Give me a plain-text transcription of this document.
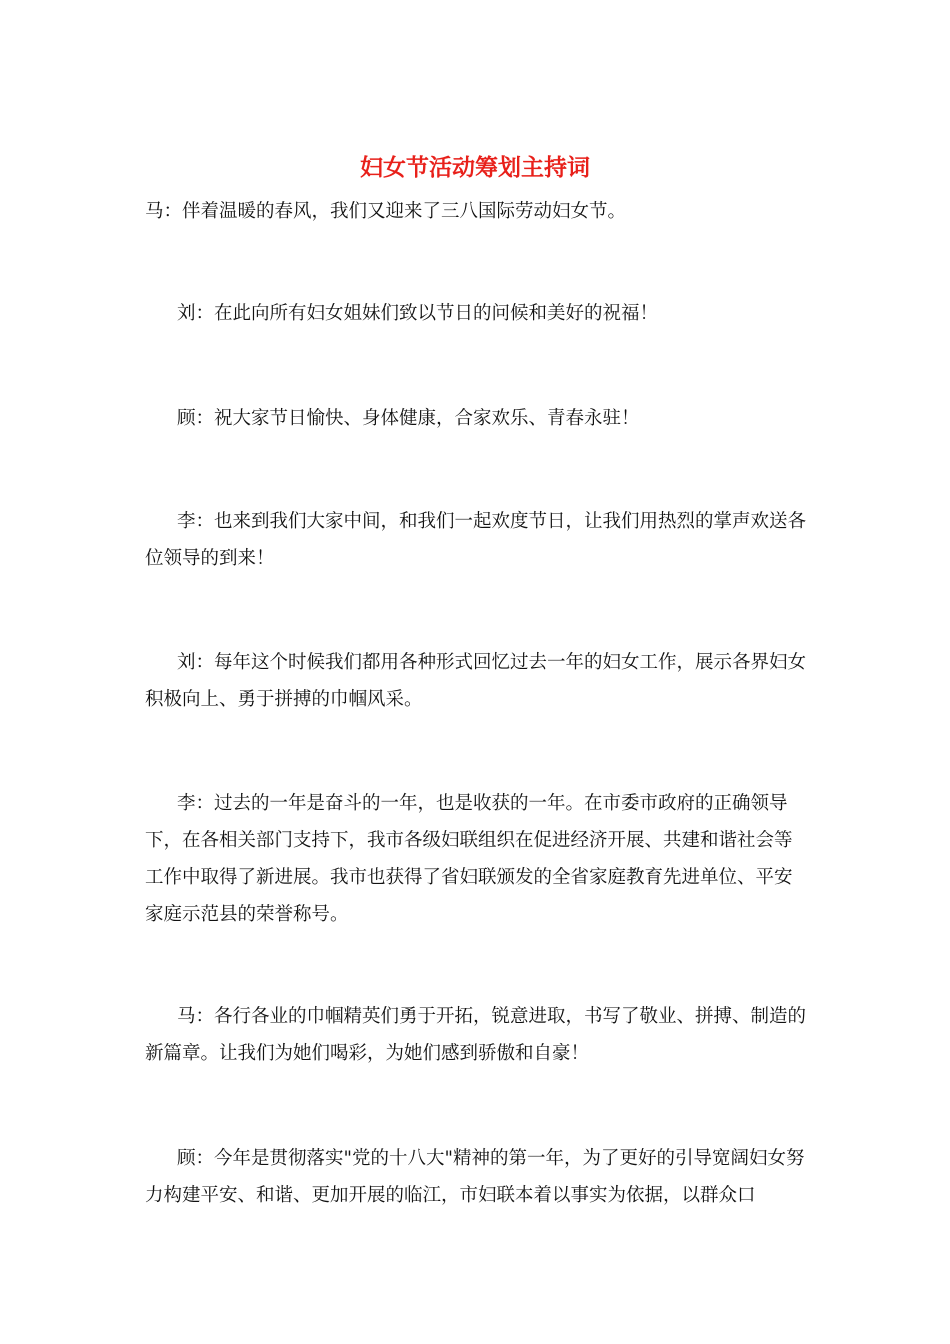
妇女节活动筹划主持词

马：伴着温暖的春风，我们又迎来了三八国际劳动妇女节。

刘：在此向所有妇女姐妹们致以节日的问候和美好的祝福！

顾：祝大家节日愉快、身体健康，合家欢乐、青春永驻！

李：也来到我们大家中间，和我们一起欢度节日，让我们用热烈的掌声欢送各位领导的到来！

刘：每年这个时候我们都用各种形式回忆过去一年的妇女工作，展示各界妇女积极向上、勇于拼搏的巾帼风采。

李：过去的一年是奋斗的一年，也是收获的一年。在市委市政府的正确领导下，在各相关部门支持下，我市各级妇联组织在促进经济开展、共建和谐社会等工作中取得了新进展。我市也获得了省妇联颁发的全省家庭教育先进单位、平安家庭示范县的荣誉称号。

马：各行各业的巾帼精英们勇于开拓，锐意进取，书写了敬业、拼搏、制造的新篇章。让我们为她们喝彩，为她们感到骄傲和自豪！

顾：今年是贯彻落实"党的十八大"精神的第一年，为了更好的引导宽阔妇女努力构建平安、和谐、更加开展的临江，市妇联本着以事实为依据，以群众口
